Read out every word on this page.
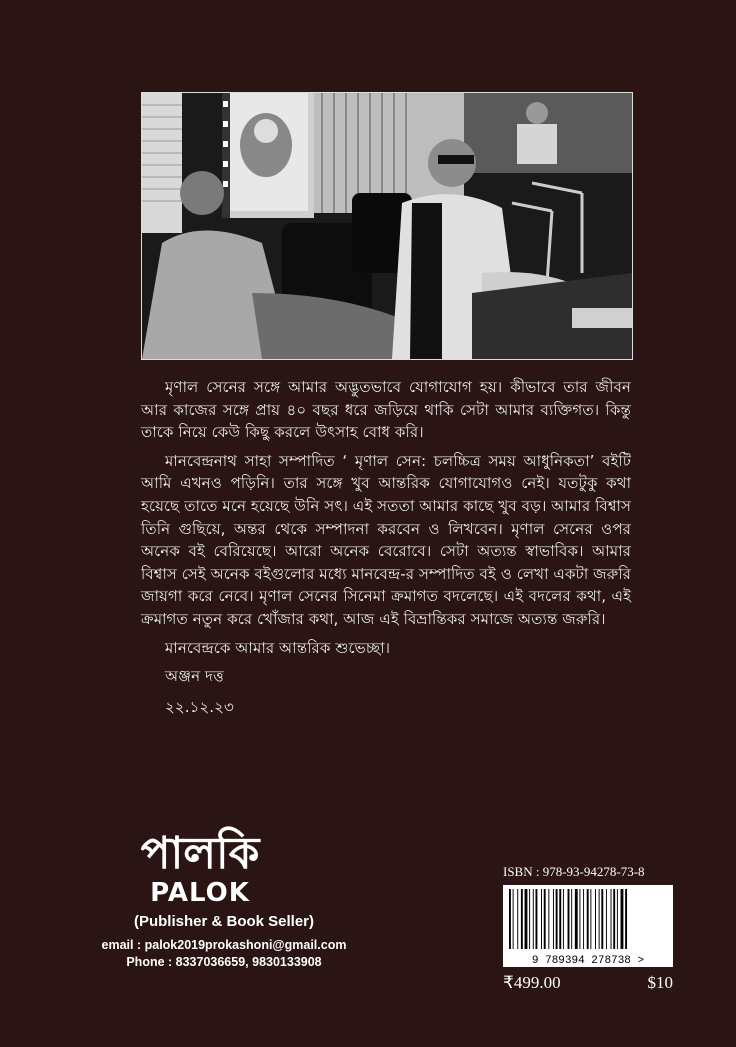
মৃণাল সেনের সঙ্গে আমার অদ্ভুতভাবে যোগাযোগ হয়। কীভাবে তার জীবন আর কাজের সঙ্গে প্রায় ৪০ বছর ধরে জড়িয়ে থাকি সেটা আমার ব্যক্তিগত। কিন্তু তাকে নিয়ে কেউ কিছু করলে উৎসাহ বোধ করি।

মানবেন্দ্রনাথ সাহা সম্পাদিত ‘ মৃণাল সেন: চলচ্চিত্র সময় আধুনিকতা’ বইটি আমি এখনও পড়িনি। তার সঙ্গে খুব আন্তরিক যোগাযোগও নেই। যতটুকু কথা হয়েছে তাতে মনে হয়েছে উনি সৎ। এই সততা আমার কাছে খুব বড়। আমার বিশ্বাস তিনি গুছিয়ে, অন্তর থেকে সম্পাদনা করবেন ও লিখবেন। মৃণাল সেনের ওপর অনেক বই বেরিয়েছে। আরো অনেক বেরোবে। সেটা অত্যন্ত স্বাভাবিক। আমার বিশ্বাস সেই অনেক বইগুলোর মধ্যে মানবেন্দ্র-র সম্পাদিত বই ও লেখা একটা জরুরি জায়গা করে নেবে। মৃণাল সেনের সিনেমা ক্রমাগত বদলেছে। এই বদলের কথা, এই ক্রমাগত নতুন করে খোঁজার কথা, আজ এই বিভ্রান্তিকর সমাজে অত্যন্ত জরুরি।

মানবেন্দ্রকে আমার আন্তরিক শুভেচ্ছা।

অঞ্জন দত্ত
২২.১২.২৩
পালকি
PALOK
(Publisher & Book Seller)
email : palok2019prokashoni@gmail.com
Phone : 8337036659, 9830133908
ISBN : 978-93-94278-73-8
9 789394 278738 >
₹499.00	$10
